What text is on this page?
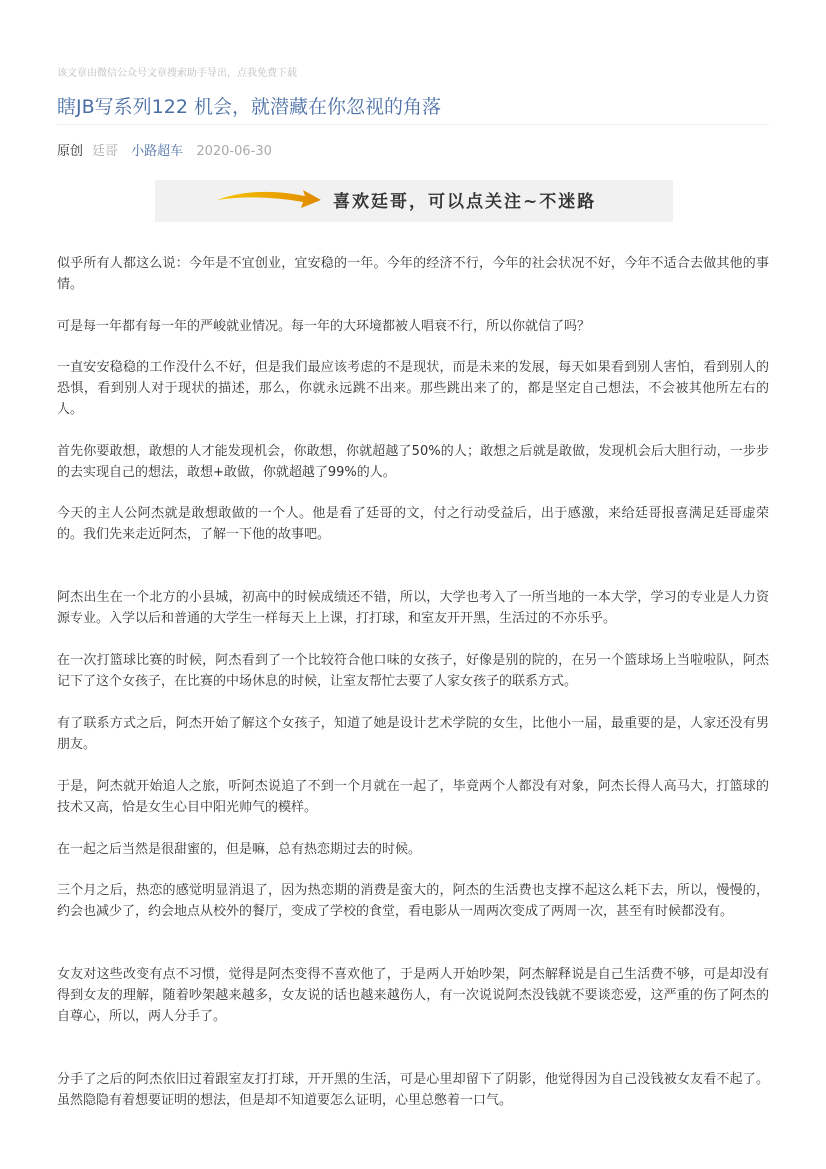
该文章由微信公众号文章搜索助手导出，点我免费下载
瞎JB写系列122 机会，就潜藏在你忽视的角落
原创 廷哥 小路超车 2020-06-30
喜欢廷哥，可以点关注~不迷路

似乎所有人都这么说：今年是不宜创业，宜安稳的一年。今年的经济不行，今年的社会状况不好，今年不适合去做其他的事情。

可是每一年都有每一年的严峻就业情况。每一年的大环境都被人唱衰不行，所以你就信了吗？

一直安安稳稳的工作没什么不好，但是我们最应该考虑的不是现状，而是未来的发展，每天如果看到别人害怕，看到别人的恐惧，看到别人对于现状的描述，那么，你就永远跳不出来。那些跳出来了的，都是坚定自己想法，不会被其他所左右的人。

首先你要敢想，敢想的人才能发现机会，你敢想，你就超越了50%的人；敢想之后就是敢做，发现机会后大胆行动，一步步的去实现自己的想法，敢想+敢做，你就超越了99%的人。

今天的主人公阿杰就是敢想敢做的一个人。他是看了廷哥的文，付之行动受益后，出于感激，来给廷哥报喜满足廷哥虚荣的。我们先来走近阿杰，了解一下他的故事吧。

阿杰出生在一个北方的小县城，初高中的时候成绩还不错，所以，大学也考入了一所当地的一本大学，学习的专业是人力资源专业。入学以后和普通的大学生一样每天上上课，打打球，和室友开开黑，生活过的不亦乐乎。

在一次打篮球比赛的时候，阿杰看到了一个比较符合他口味的女孩子，好像是别的院的，在另一个篮球场上当啦啦队，阿杰记下了这个女孩子，在比赛的中场休息的时候，让室友帮忙去要了人家女孩子的联系方式。

有了联系方式之后，阿杰开始了解这个女孩子，知道了她是设计艺术学院的女生，比他小一届，最重要的是，人家还没有男朋友。

于是，阿杰就开始追人之旅，听阿杰说追了不到一个月就在一起了，毕竟两个人都没有对象，阿杰长得人高马大，打篮球的技术又高，恰是女生心目中阳光帅气的模样。

在一起之后当然是很甜蜜的，但是嘛，总有热恋期过去的时候。

三个月之后，热恋的感觉明显消退了，因为热恋期的消费是蛮大的，阿杰的生活费也支撑不起这么耗下去，所以，慢慢的，约会也减少了，约会地点从校外的餐厅，变成了学校的食堂，看电影从一周两次变成了两周一次，甚至有时候都没有。

女友对这些改变有点不习惯，觉得是阿杰变得不喜欢他了，于是两人开始吵架，阿杰解释说是自己生活费不够，可是却没有得到女友的理解，随着吵架越来越多，女友说的话也越来越伤人，有一次说说阿杰没钱就不要谈恋爱，这严重的伤了阿杰的自尊心，所以，两人分手了。

分手了之后的阿杰依旧过着跟室友打打球，开开黑的生活，可是心里却留下了阴影，他觉得因为自己没钱被女友看不起了。虽然隐隐有着想要证明的想法，但是却不知道要怎么证明，心里总憋着一口气。
